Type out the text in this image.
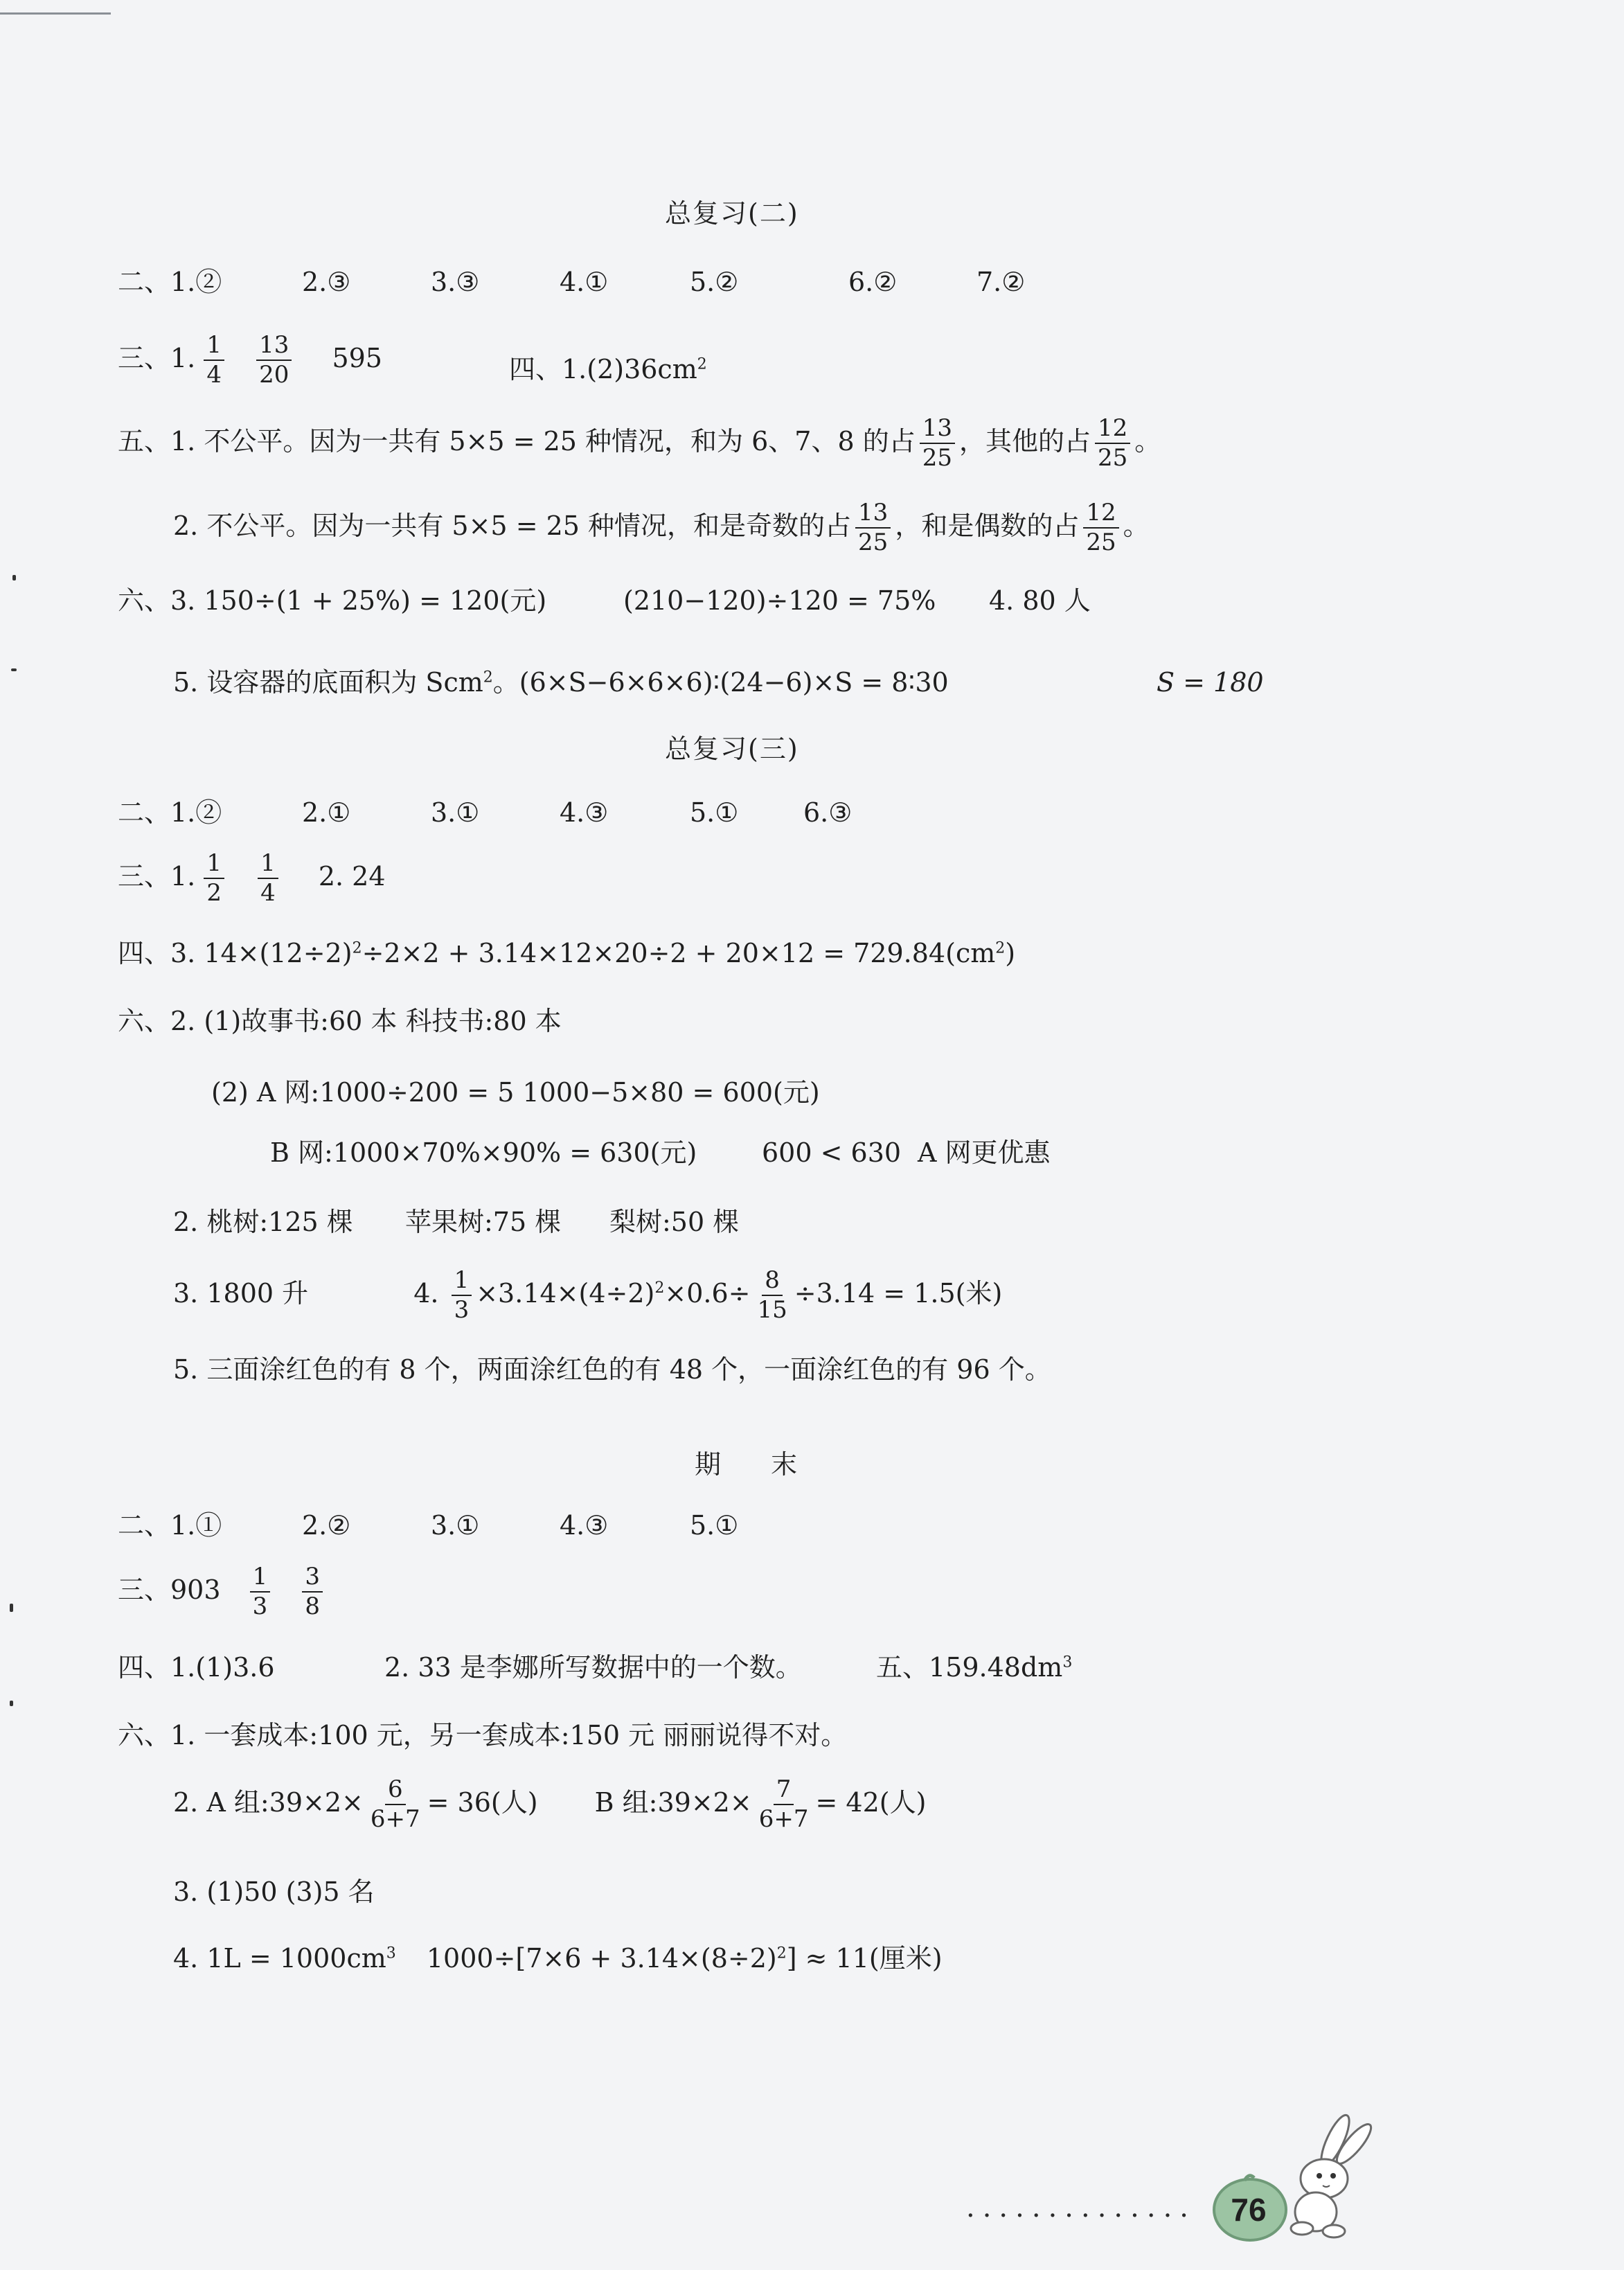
总复习(二)
二、1.②	2.③	3.③	4.①	5.②	6.②	7.②
三、1. $\frac{1}{4}$
$\frac{13}{20} 595$	四、$1.(2)36cm^2$
五、1. 不公平。因为一共有 5×5 = 25 种情况，和为 6、7、8 的占 $\frac{13}{25}$ ，其他的占 $\frac{12}{25}$ 。
2. 不公平。因为一共有 5×5 = 25 种情况，和是奇数的占 $\frac{13}{25}$ ，和是偶数的占 $\frac{12}{25}$ 。
六、3. 150÷(1 + 25%) = 120(元)	(210−120)÷120 = 75% 4. 80 人
5. 设容器的底面积为 Scm$^2$。(6×S−6×6×6)∶(24−6)×S = 8∶30	S = 180
总复习(三)
二、1.②	2.①	3.①	4.③	5.① 6.③
三、1. $\frac{1}{2}$
$\frac{1}{4} 2$. 24
四、3. $14\times(12\div 2)^2\div 2\times 2 + 3.14\times 12\times 20\div 2 + 20\times 12 = 729.84(cm^2)$
六、2. (1)故事书:60 本 科技书:80 本
(2) A 网:1000÷200 = 5 1000−5×80 = 600(元)
B 网:1000×70%×90% = 630(元) 600 < 630 A 网更优惠
2. 桃树:125 棵 苹果树:75 棵 梨树:50 棵
3. 1800 升	4. $\frac{1}{3} \times 3.14\times(4\div 2)^2\times 0.6\div \frac{8}{15} \div 3.14 = 1.5$(米)
5. 三面涂红色的有 8 个，两面涂红色的有 48 个，一面涂红色的有 96 个。
期 末
二、1.①	2.②	3.①	4.③	5.①
三、$903 \frac{1}{3}$
$\frac{3}{8}$
四、1.(1)3.6	2. 33 是李娜所写数据中的一个数。	五、$159.48dm^3$
六、1. 一套成本:100 元，另一套成本:150 元 丽丽说得不对。
2. A 组:39×2× $\frac{6}{6+7} = 36$(人) B 组:39×2× $\frac{7}{6+7} = 42$(人)
3. (1)50 (3)5 名
4. $1L = 1000cm^3$ $1000\div[7\times 6 + 3.14\times(8\div 2)^2] \approx 11$(厘米)
·············· 76
